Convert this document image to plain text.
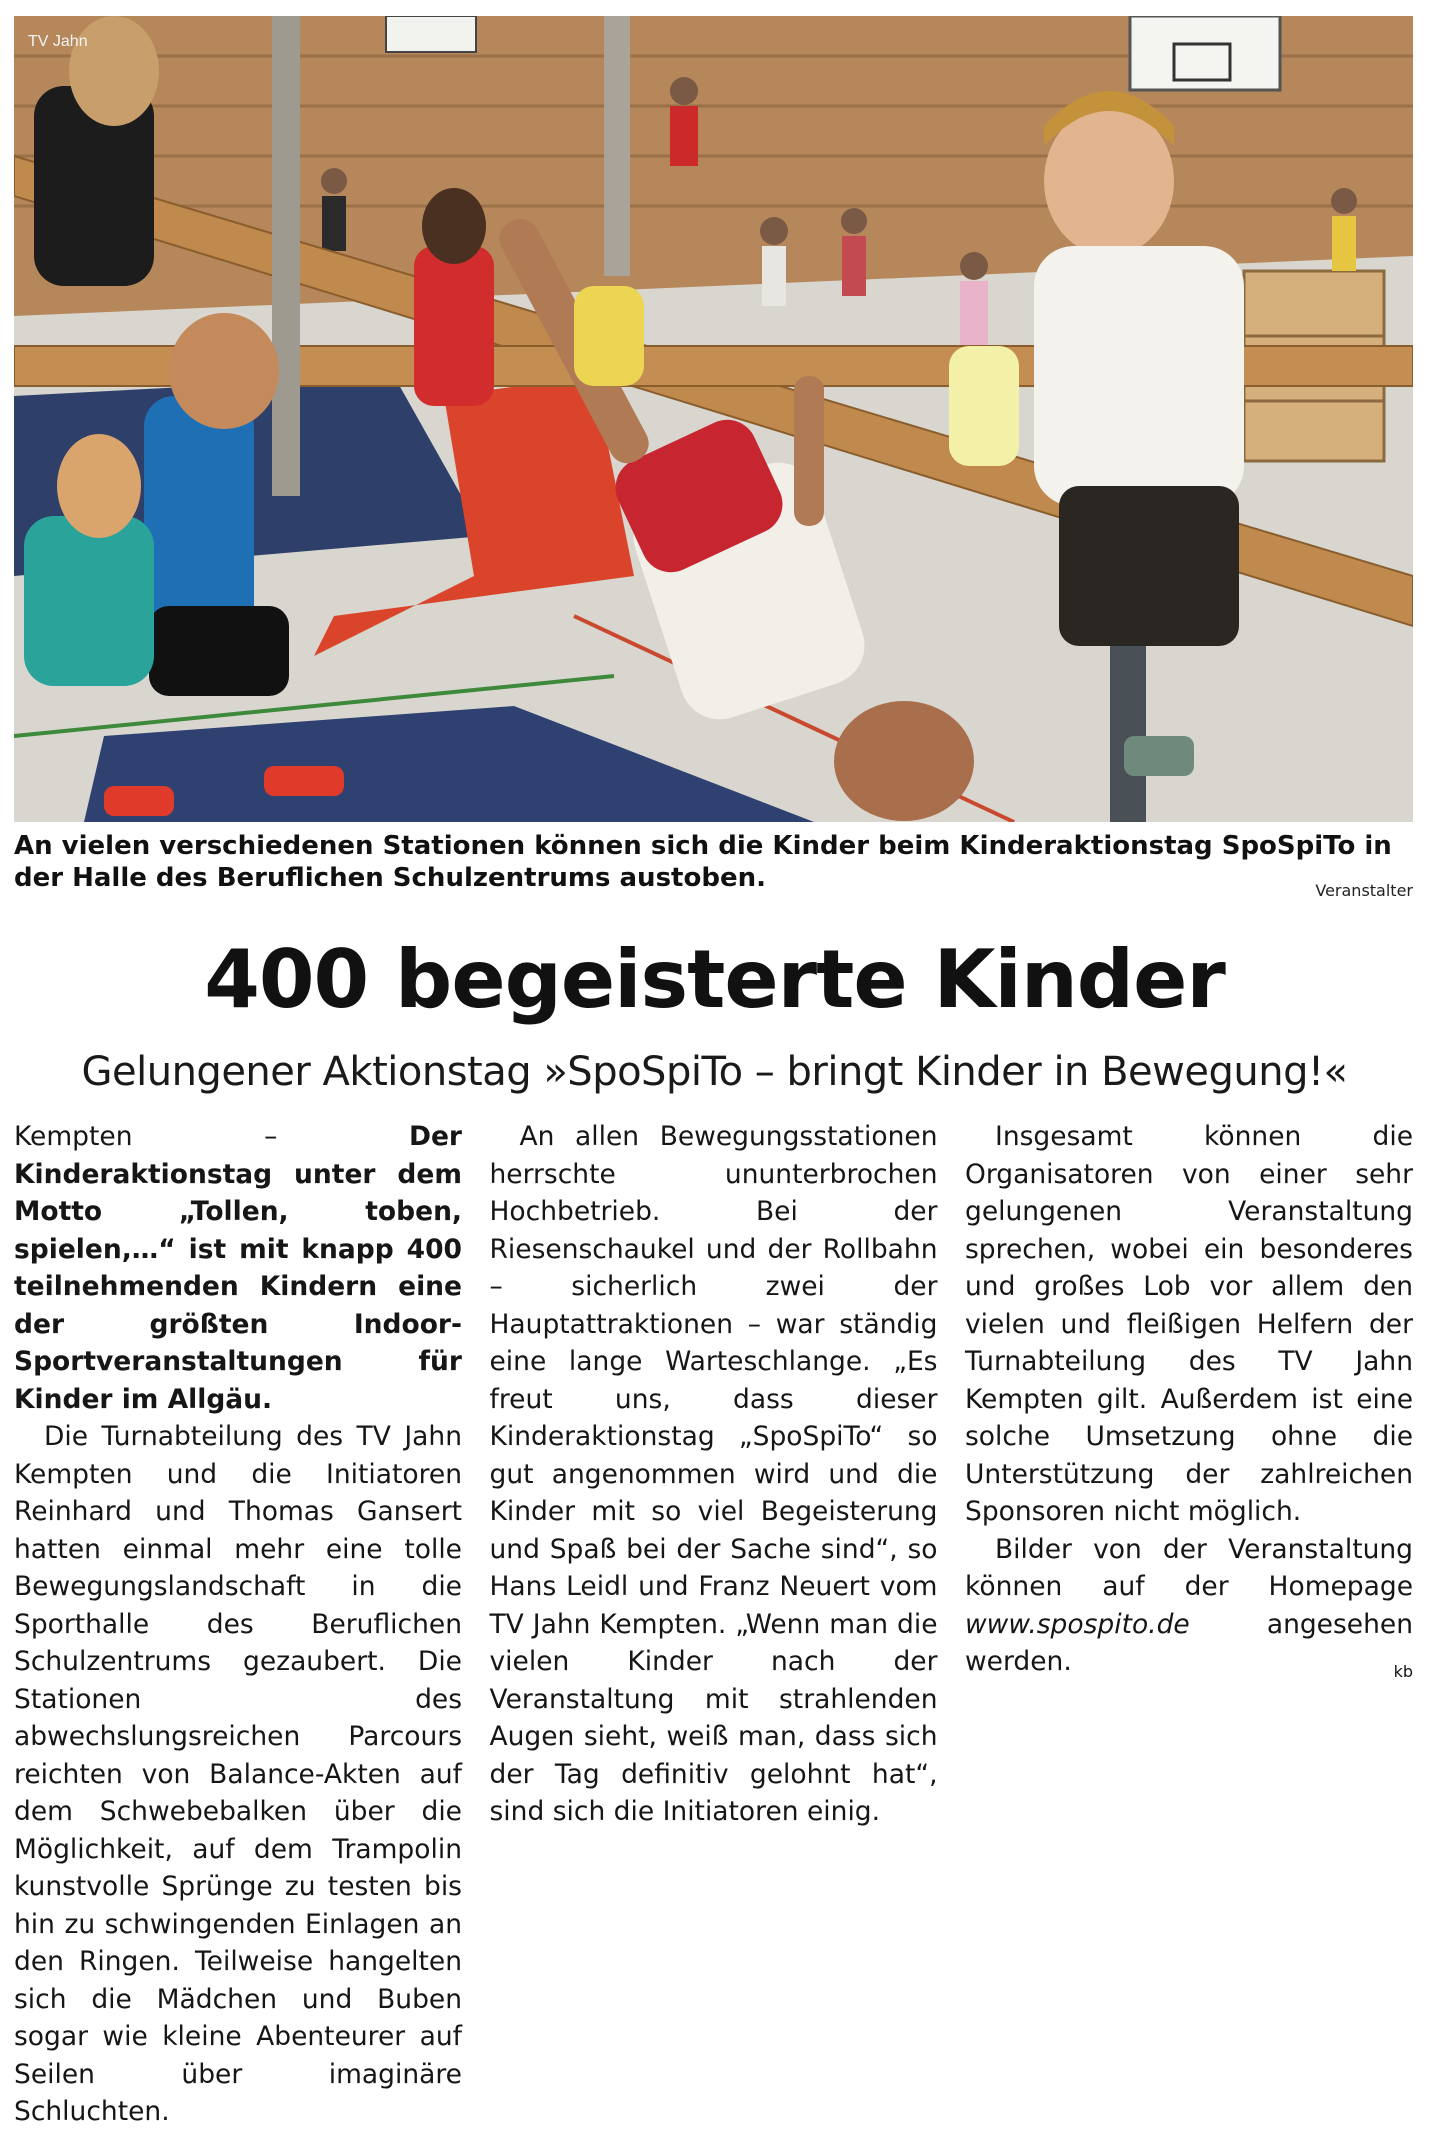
TV Jahn
An vielen verschiedenen Stationen können sich die Kinder beim Kinderaktionstag SpoSpiTo in der Halle des Beruflichen Schulzentrums austoben.	Veranstalter
400 begeisterte Kinder
Gelungener Aktionstag »SpoSpiTo – bringt Kinder in Bewegung!«

Kempten –	Der Kinderaktionstag unter dem Motto „Tollen, toben, spielen,…“ ist mit knapp 400 teilnehmenden Kindern eine der größten Indoor-Sportveranstaltungen für Kinder im Allgäu.

Die Turnabteilung des TV Jahn Kempten und die Initiatoren Reinhard und Thomas Gansert hatten einmal mehr eine tolle Bewegungslandschaft in die Sporthalle des Beruflichen Schulzentrums gezaubert. Die Stationen des abwechslungsreichen Parcours reichten von Balance-Akten auf dem Schwebebalken über die Möglichkeit, auf dem Trampolin kunstvolle Sprünge zu testen bis hin zu schwingenden Einlagen an den Ringen. Teilweise hangelten sich die Mädchen und Buben sogar wie kleine Abenteurer auf Seilen über imaginäre Schluchten.

An allen Bewegungsstationen herrschte ununterbrochen Hochbetrieb. Bei der Riesenschaukel und der Rollbahn – sicherlich zwei der Hauptattraktionen – war ständig eine lange Warteschlange. „Es freut uns, dass dieser Kinderaktionstag „SpoSpiTo“ so gut angenommen wird und die Kinder mit so viel Begeisterung und Spaß bei der Sache sind“, so Hans Leidl und Franz Neuert vom TV Jahn Kempten. „Wenn man die vielen Kinder nach der Veranstaltung mit strahlenden Augen sieht, weiß man, dass sich der Tag definitiv gelohnt hat“, sind sich die Initiatoren einig.

Insgesamt können die Organisatoren von einer sehr gelungenen Veranstaltung sprechen, wobei ein besonderes und großes Lob vor allem den vielen und fleißigen Helfern der Turnabteilung des TV Jahn Kempten gilt. Außerdem ist eine solche Umsetzung ohne die Unterstützung der zahlreichen Sponsoren nicht möglich.

Bilder von der Veranstaltung können auf der Homepage www.spospito.de	angesehen werden.	kb
